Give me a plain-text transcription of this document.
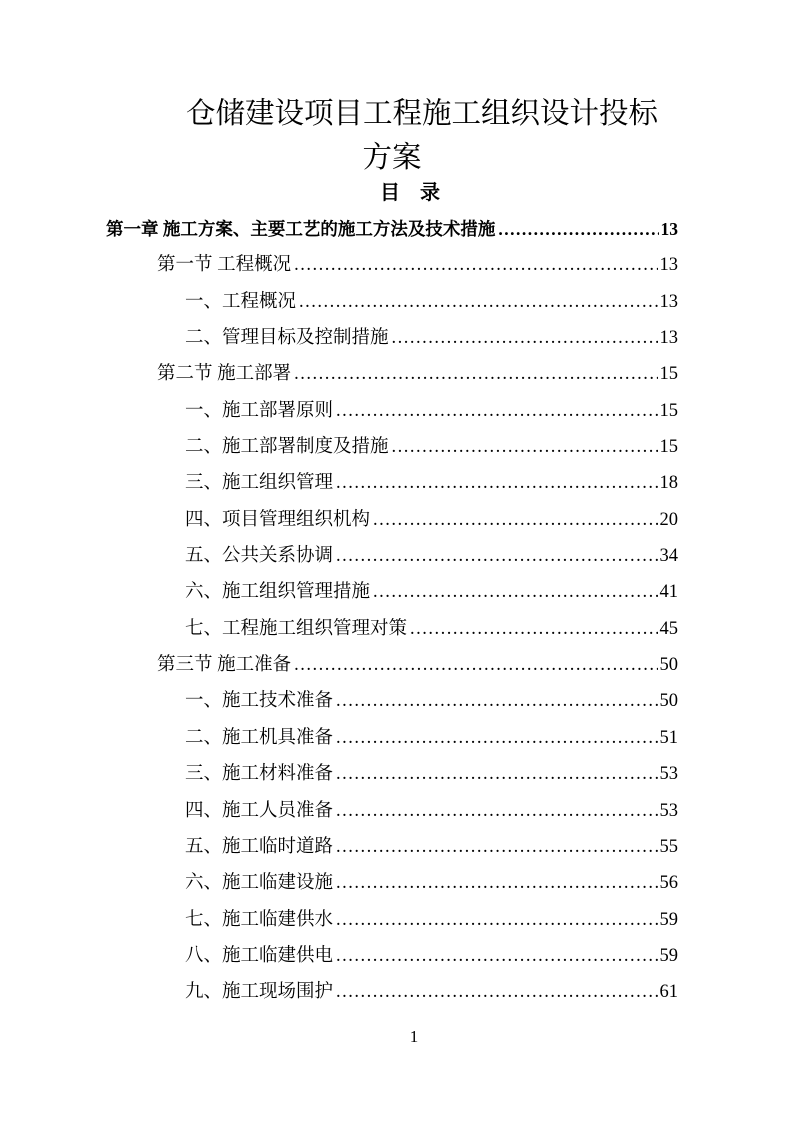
仓储建设项目工程施工组织设计投标
方案
目　录
第一章 施工方案、主要工艺的施工方法及技术措施 .....	13
第一节 工程概况 .....	13
一、工程概况 .....	13
二、管理目标及控制措施 .....	13
第二节 施工部署 .....	15
一、施工部署原则 .....	15
二、施工部署制度及措施 .....	15
三、施工组织管理 .....	18
四、项目管理组织机构 .....	20
五、公共关系协调 .....	34
六、施工组织管理措施 .....	41
七、工程施工组织管理对策 .....	45
第三节 施工准备 .....	50
一、施工技术准备 .....	50
二、施工机具准备 .....	51
三、施工材料准备 .....	53
四、施工人员准备 .....	53
五、施工临时道路 .....	55
六、施工临建设施 .....	56
七、施工临建供水 .....	59
八、施工临建供电 .....	59
九、施工现场围护 .....	61
1
